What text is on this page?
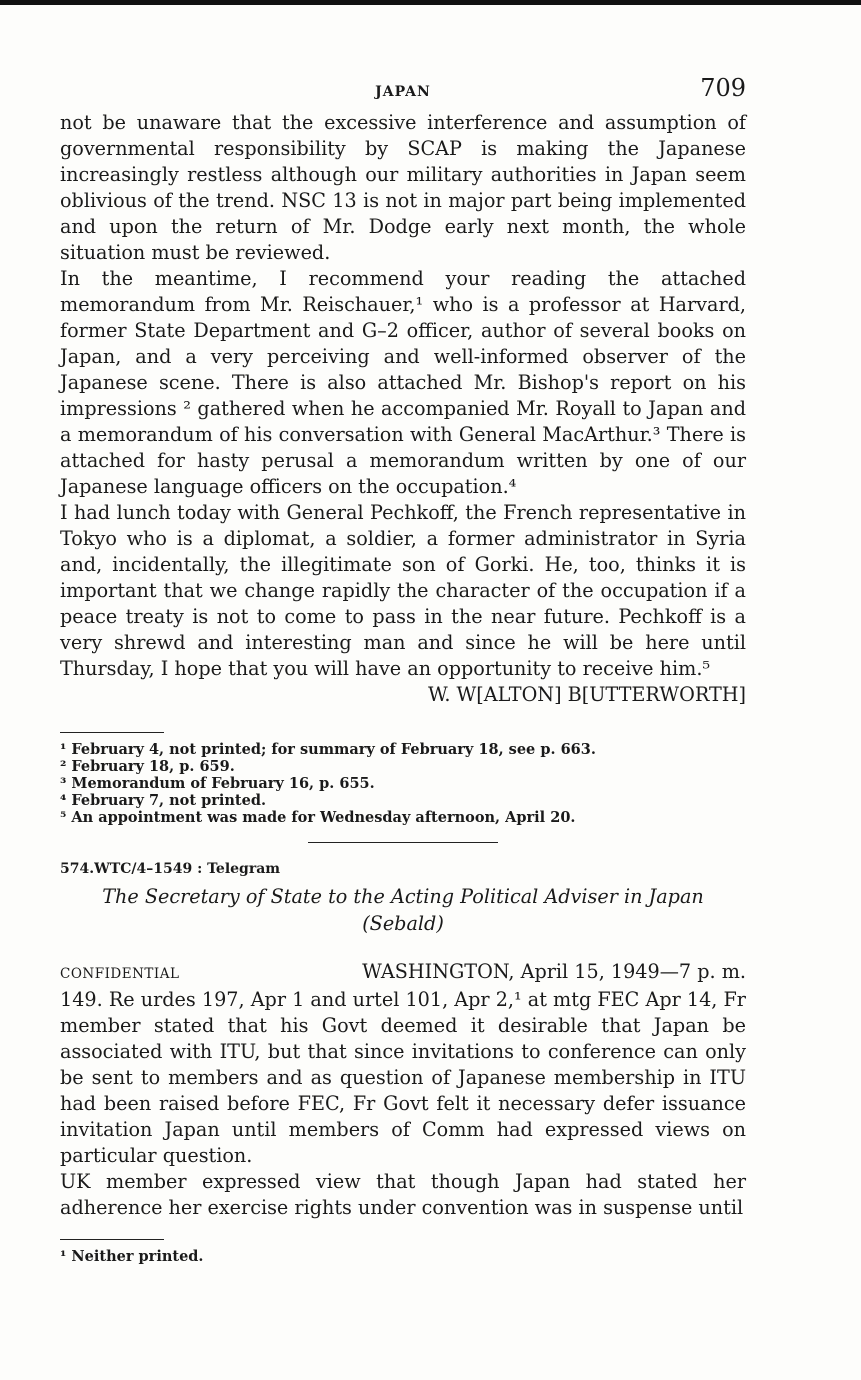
JAPAN	709

not be unaware that the excessive interference and assumption of governmental responsibility by SCAP is making the Japanese increasingly restless although our military authorities in Japan seem oblivious of the trend. NSC 13 is not in major part being implemented and upon the return of Mr. Dodge early next month, the whole situation must be reviewed.

In the meantime, I recommend your reading the attached memorandum from Mr. Reischauer,¹ who is a professor at Harvard, former State Department and G–2 officer, author of several books on Japan, and a very perceiving and well-informed observer of the Japanese scene. There is also attached Mr. Bishop's report on his impressions ² gathered when he accompanied Mr. Royall to Japan and a memorandum of his conversation with General MacArthur.³ There is attached for hasty perusal a memorandum written by one of our Japanese language officers on the occupation.⁴

I had lunch today with General Pechkoff, the French representative in Tokyo who is a diplomat, a soldier, a former administrator in Syria and, incidentally, the illegitimate son of Gorki. He, too, thinks it is important that we change rapidly the character of the occupation if a peace treaty is not to come to pass in the near future. Pechkoff is a very shrewd and interesting man and since he will be here until Thursday, I hope that you will have an opportunity to receive him.⁵

W. W[ALTON] B[UTTERWORTH]

¹ February 4, not printed; for summary of February 18, see p. 663.

² February 18, p. 659.

³ Memorandum of February 16, p. 655.

⁴ February 7, not printed.

⁵ An appointment was made for Wednesday afternoon, April 20.

574.WTC/4–1549 : Telegram
The Secretary of State to the Acting Political Adviser in Japan (Sebald)
CONFIDENTIAL	WASHINGTON, April 15, 1949—7 p. m.

149. Re urdes 197, Apr 1 and urtel 101, Apr 2,¹ at mtg FEC Apr 14, Fr member stated that his Govt deemed it desirable that Japan be associated with ITU, but that since invitations to conference can only be sent to members and as question of Japanese membership in ITU had been raised before FEC, Fr Govt felt it necessary defer issuance invitation Japan until members of Comm had expressed views on particular question.

UK member expressed view that though Japan had stated her adherence her exercise rights under convention was in suspense until

¹ Neither printed.
